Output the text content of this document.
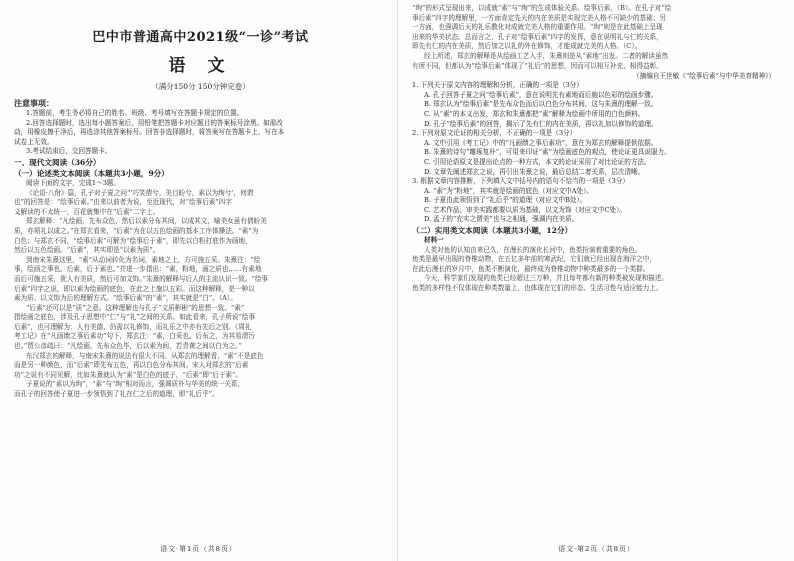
巴中市普通高中2021级“一诊”考试
语 文
（满分150分 150分钟完卷）
注意事项：
1.答题前，考生务必将自己的姓名、班级、考号填写在答题卡规定的位置。
2.回答选择题时，选出每小题答案后，用铅笔把答题卡对应题目的答案标号涂黑。如需改
动，用橡皮擦干净后，再选涂其他答案标号。回答非选择题时，将答案写在答题卡上，写在本
试卷上无效。
3.考试结束后，交回答题卡。
一、现代文阅读（36分）
（一）论述类文本阅读（本题共3小题，9分）
阅读下面的文字，完成1～3题。
《论语·八佾》篇，孔子对子夏之问“‘巧笑倩兮，美目盼兮，素以为绚兮’，何谓
也”的回答是：“绘事后素。”由来以前者为说，至近现代，对“绘事后素”四字
义解读的不太统一，百花就集中在“后素”二字上。
郑玄解释：“凡绘画，先布众色，然后以素分布其间，以成其文，喻美女虽有倩盼美
质，亦须礼以成之。”在郑玄看来，“后素”为在以五色绘画的基本工序体操法。“素”为
白色；与郑玄不同，“绘事后素”可解为“绘事后于素”，即先以白粉打底作为画地，
然后以五色绘画。“后素”，其实即是“以素为质”。
到南宋朱熹这里，“素”从动词转化为名词，素地之上，方可施五采。朱熹注：“绘
事，绘画之事也。后素，后于素也。”并进一步指出：“素，粉地，画之质也……有素地
而后可施五采，犹人有美质，然后可加文饰。”朱熹的解释与后人的主流认识一致。“绘事
后素”四字之说，即以素为绘画的底色，在此之上施以五彩。而这种解释，是一种以
素为质、以文饰为后的理解方式。“绘事后素”的“素”，其实就是“白”。（A）。
“后素”还可以是“质”之意。这种理解也与孔子“文质彬彬”的思想一致。“素”
指绘画之底色，涉及孔子思想中“仁”与“礼”之间的关系。如此看来，孔子所说“绘事
后素”，也可理解为：人有美德，仍需以礼修饰，而礼乐之中亦有先后之别。《周礼
考工记》在“凡画缋之事后素功”句下，郑玄注：“素，白采也。后布之，为其易渍污
也。”贾公彦疏曰：“凡绘画，先布众色毕，后以素为间，若青黄之间以白为之。”
东汉郑玄的解释，与南宋朱熹的说法有很大不同。从郑玄的理解看，“素”不是底色
而是另一种颜色，而“后素”即先布五色，再以白色分布其间。宋人对郑玄的“后素
功”之说有不同见解，比如朱熹就认为“素”是白色的底子，“后素”即“后于素”。
子夏说的“素以为绚”，“素”与“绚”相对而言，强调质朴与华美的统一关系，
而孔子的回答使子夏进一步领悟到了礼在仁之后的道理，即“礼后乎”。
语文·第1页（共8页）
“绚”的形式呈现出来，以成就“素”与“绚”的生成体验关系。绘事后素，（B）。在孔子对“绘
事后素”四字的理解里，一方面肯定先天的内在美质是实现完美人格不可缺少的基础；另
一方面，也强调后天的礼乐教化对成就完美人格的重要作用。“绚”则是在此基础上呈现
出来的华美状态。总而言之，孔子对“绘事后素”四字的发挥，意在说明礼与仁的关系，
即先有仁的内在美质，然后加之以礼的外在修饰，才能成就完美的人格。（C）。
经上所述，郑玄的解释是从绘画工艺入手，朱熹则是从“素地”出发。二者的解读虽然
有所不同，但都认为“绘事后素”体现了“礼后”的思想，因而可以相互补充、相得益彰。
（摘编自王世敏《“绘事后素”与中华美育精神》）
1. 下列关于原文内容的理解和分析，正确的一项是（3分）
A. 孔子回答子夏之问“绘事后素”，意在说明先有素地而后施以色彩的绘画步骤。
B. 郑玄认为“绘事后素”是先布众色而后以白色分布其间，这与朱熹的理解一致。
C. 从“素”的本义出发，郑玄和朱熹都把“素”解释为绘画中所用的白色颜料。
D. 孔子“绘事后素”的回答，揭示了先有仁的内在美质，再以礼加以修饰的道理。
2. 下列对原文论证的相关分析，不正确的一项是（3分）
A. 文中引用《考工记》中的“凡画缋之事后素功”，意在为郑玄的解释提供依据。
B. 朱熹的诗句“雕琢复朴”，可用来印证“素”为绘画底色的观点，使论证更具说服力。
C. 引用论语原文是提出论点的一种方式，本文的论证采用了对比论证的方法。
D. 文章先阐述郑玄之说，再引出朱熹之说，最后总结二者关系，层次清晰。
3. 根据文章内容推断，下列填入文中括号内的语句不恰当的一项是（3分）
A. “素”为“粉地”，其实就是绘画的底色（对应文中A处）。
B. 子夏由此领悟到了“礼后乎”的道理（对应文中B处）。
C. 艺术作品、审美实践都要以质为基础，以文为饰（对应文中C处）。
D. 孟子的“充实之谓美”也与之相通，强调内在美质。
（二）实用类文本阅读（本题共3小题，12分）
材料一
人类对鱼的认知由来已久，在漫长的演化长河中，鱼类扮演着重要的角色。
鱼类是最早出现的脊椎动物，在五亿多年前的寒武纪，它们就已经出现在海洋之中，
在此后漫长的岁月中，鱼类不断演化，最终成为脊椎动物中种类最多的一个类群。
今天，科学家们发现的鱼类已经超过三万种，并且每年都有新的种类被发现和描述。
鱼类的多样性不仅体现在种类数量上，也体现在它们的形态、生活习性与适应能力上。
语文·第2页（共8页）
